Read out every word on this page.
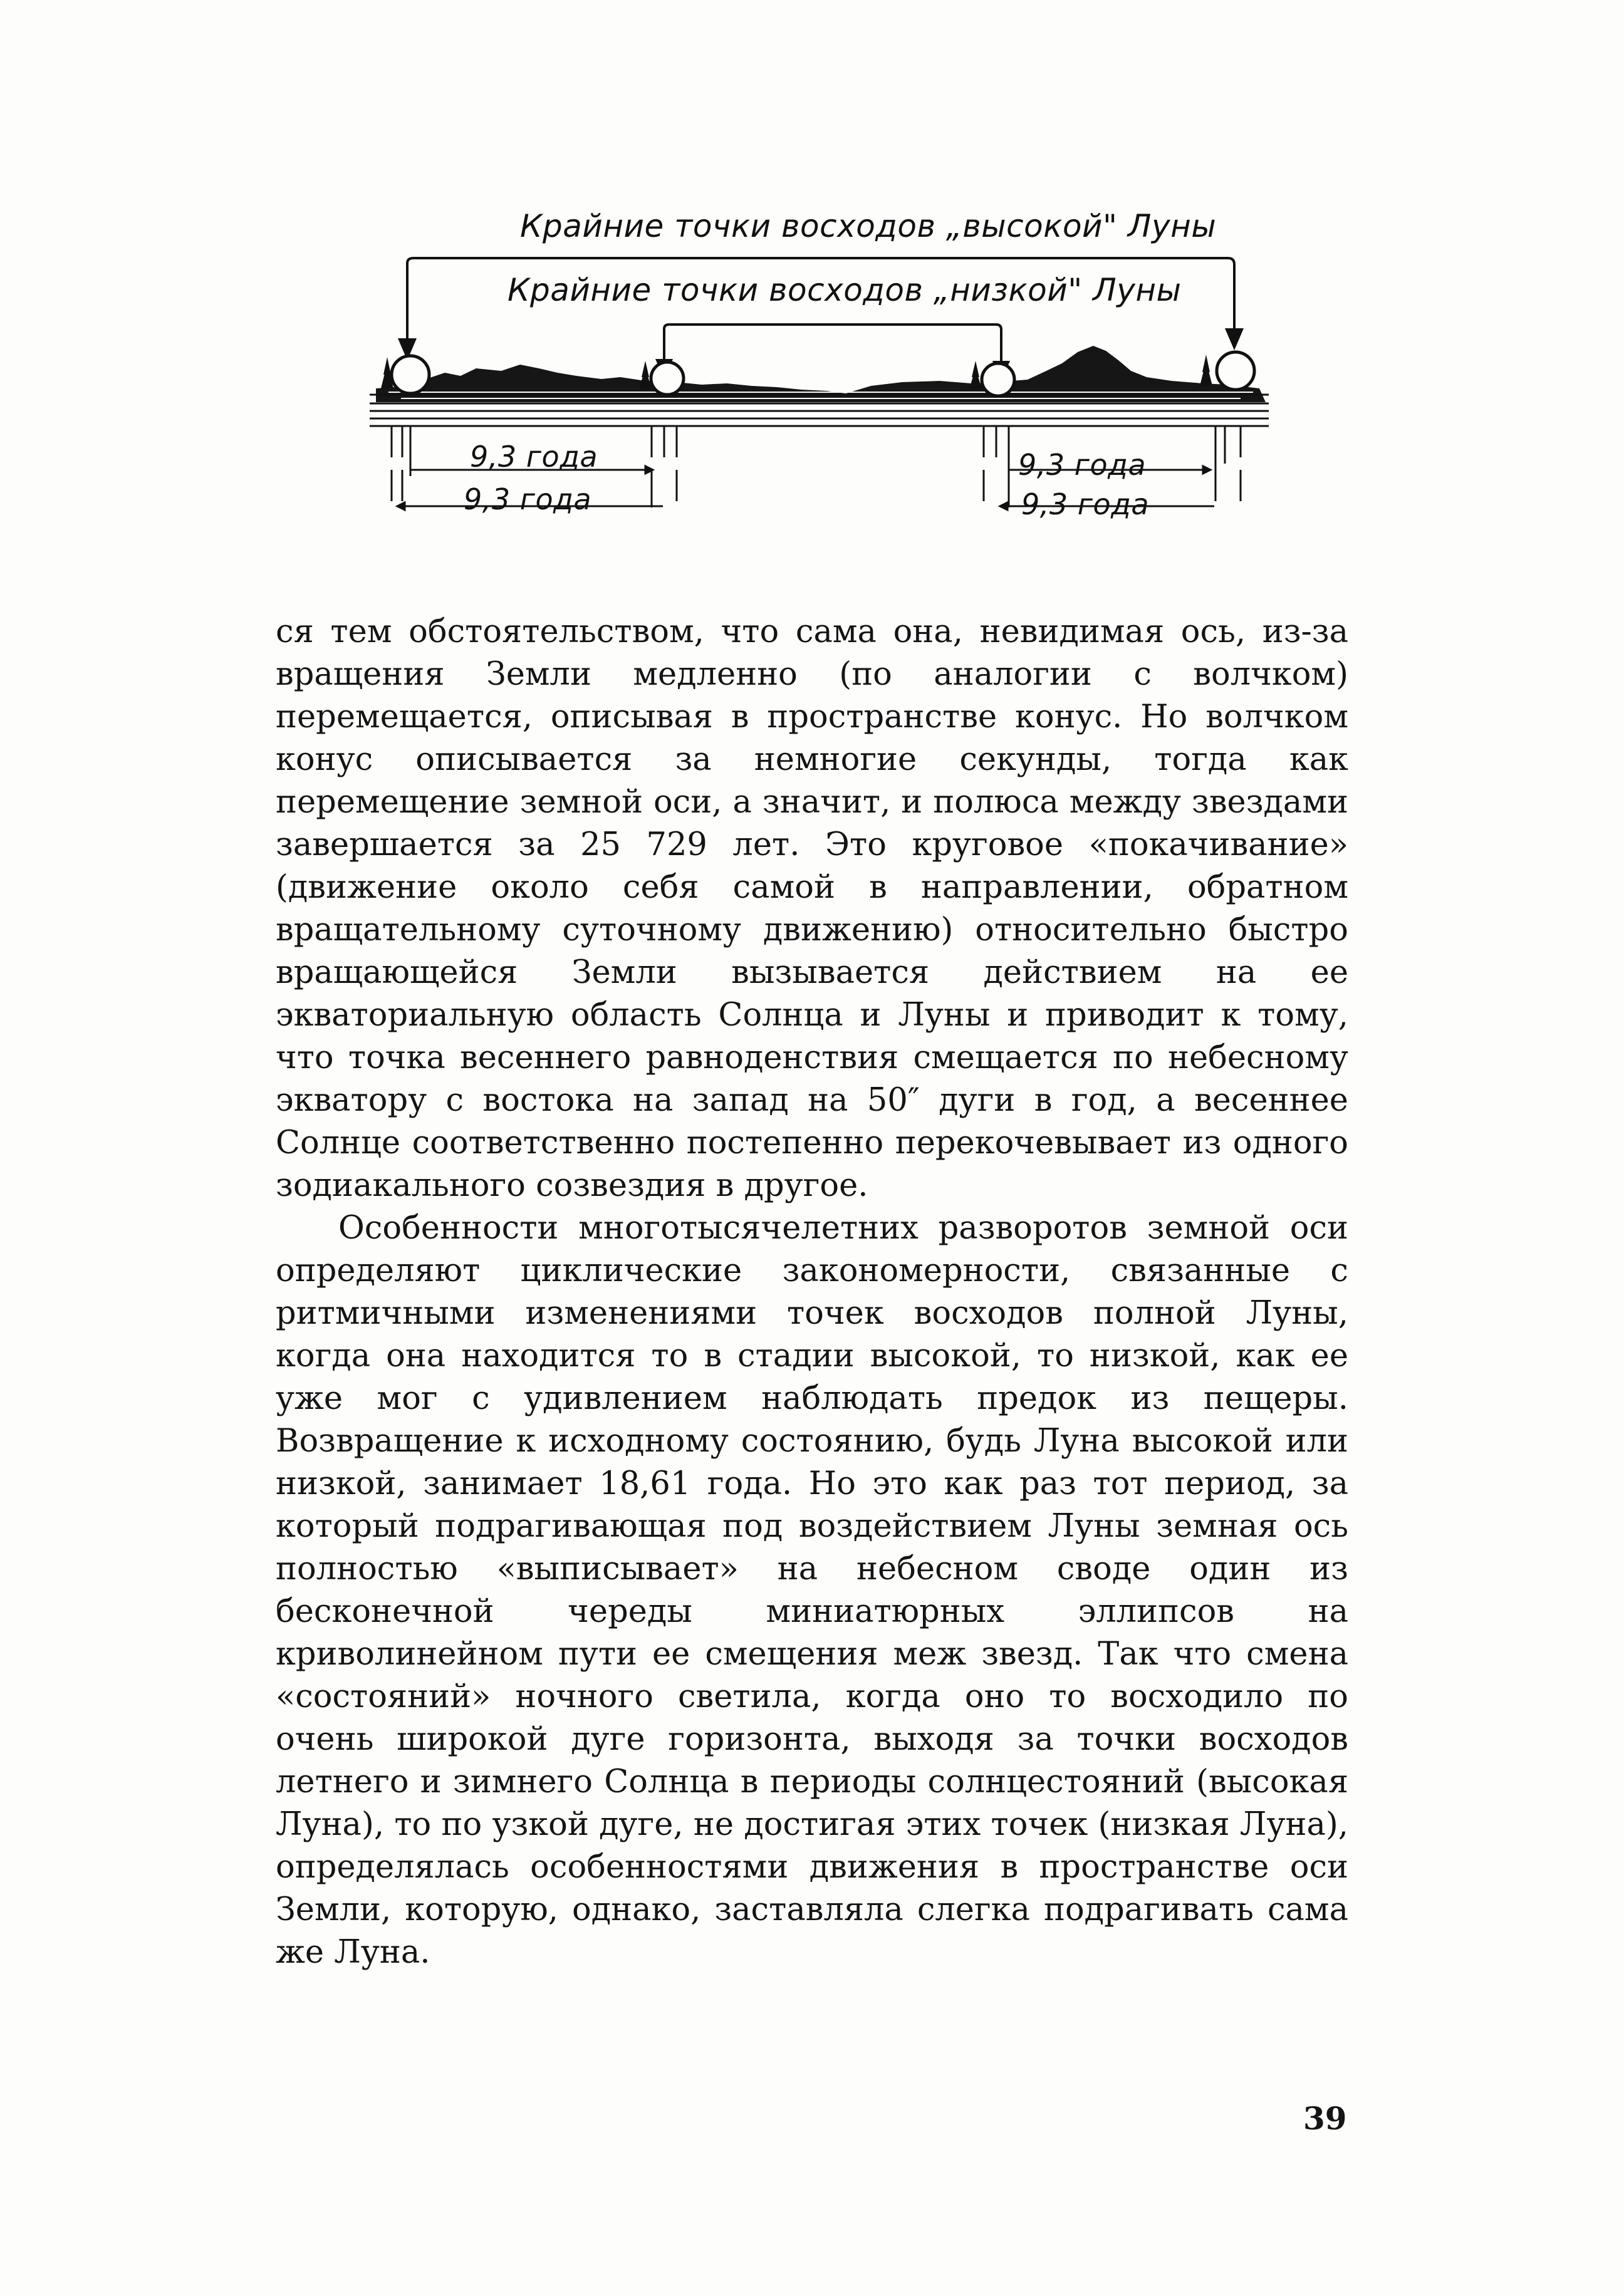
Крайние точки восходов „высокой" Луны
Крайние точки восходов „низкой" Луны
9,3 года
9,3 года
9,3 года
9,3 года

ся тем обстоятельством, что сама она, невидимая ось, из-за вращения Земли медленно (по аналогии с волчком) перемещается, описывая в пространстве конус. Но волчком конус описывается за немногие секунды, тогда как перемещение земной оси, а значит, и полюса между звездами завершается за 25 729 лет. Это круговое «покачивание» (движение около себя самой в направлении, обратном вращательному суточному движению) относительно быстро вращающейся Земли вызывается действием на ее экваториальную область Солнца и Луны и приводит к тому, что точка весеннего равноденствия смещается по небесному экватору с востока на запад на 50″ дуги в год, а весеннее Солнце соответственно постепенно перекочевывает из одного зодиакального созвездия в другое.

Особенности многотысячелетних разворотов земной оси определяют циклические закономерности, связанные с ритмичными изменениями точек восходов полной Луны, когда она находится то в стадии высокой, то низкой, как ее уже мог с удивлением наблюдать предок из пещеры. Возвращение к исходному состоянию, будь Луна высокой или низкой, занимает 18,61 года. Но это как раз тот период, за который подрагивающая под воздействием Луны земная ось полностью «выписывает» на небесном своде один из бесконечной череды миниатюрных эллипсов на криволинейном пути ее смещения меж звезд. Так что смена «состояний» ночного светила, когда оно то восходило по очень широкой дуге горизонта, выходя за точки восходов летнего и зимнего Солнца в периоды солнцестояний (высокая Луна), то по узкой дуге, не достигая этих точек (низкая Луна), определялась особенностями движения в пространстве оси Земли, которую, однако, заставляла слегка подрагивать сама же Луна.

39
